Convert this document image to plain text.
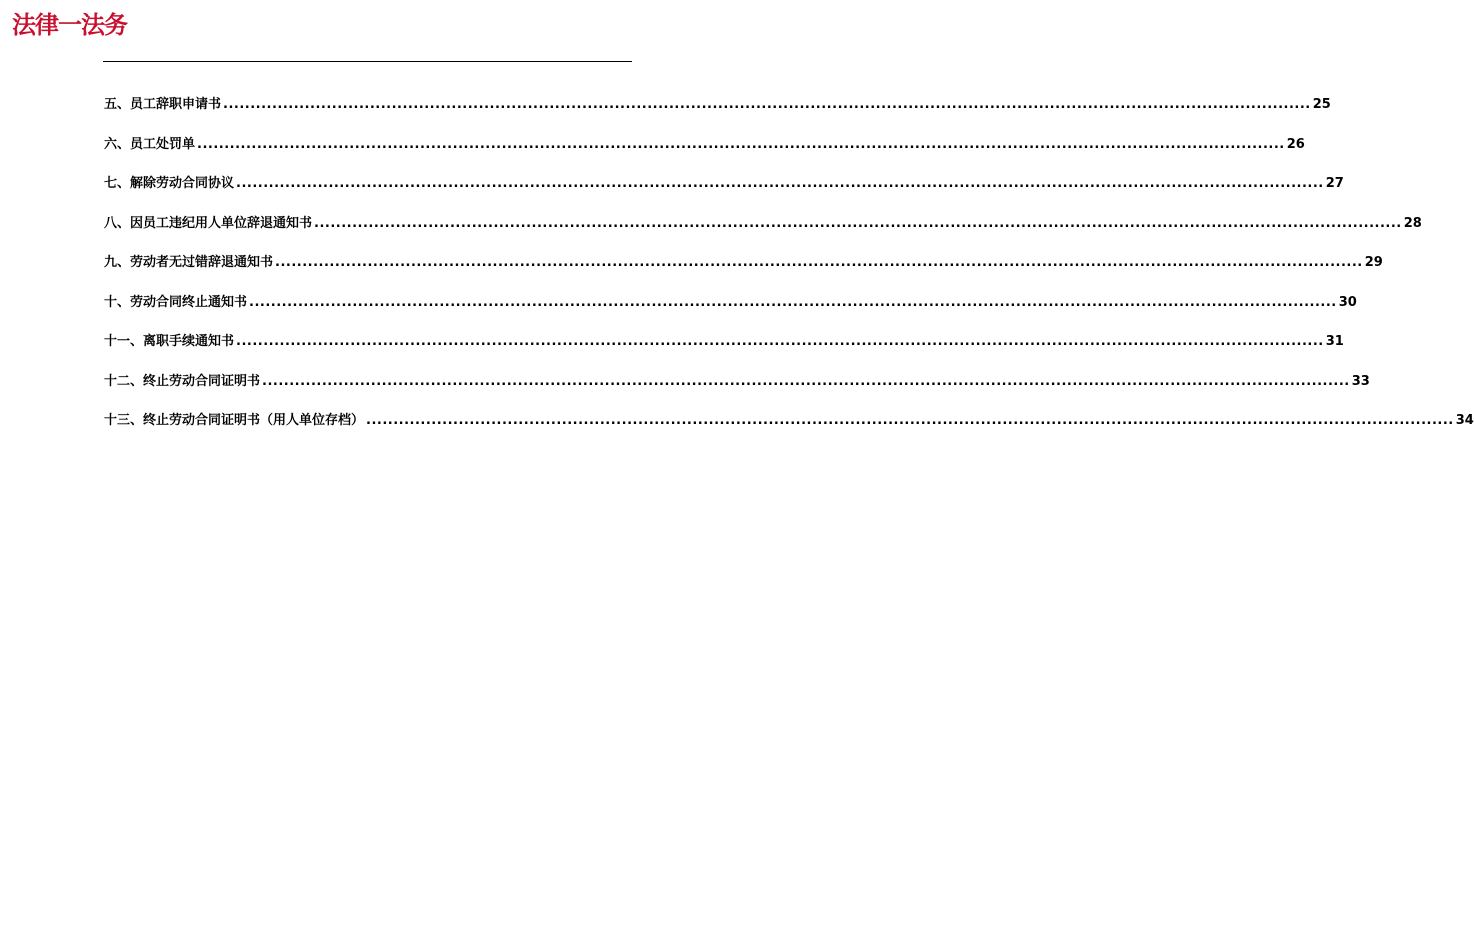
法律一法务
五、员工辞职申请书 ........................................................................................................................................................................................................ 25
六、员工处罚单 ........................................................................................................................................................................................................ 26
七、解除劳动合同协议 ........................................................................................................................................................................................................ 27
八、因员工违纪用人单位辞退通知书 ........................................................................................................................................................................................................ 28
九、劳动者无过错辞退通知书 ........................................................................................................................................................................................................ 29
十、劳动合同终止通知书 ........................................................................................................................................................................................................ 30
十一、离职手续通知书 ........................................................................................................................................................................................................ 31
十二、终止劳动合同证明书 ........................................................................................................................................................................................................ 33
十三、终止劳动合同证明书（用人单位存档） ........................................................................................................................................................................................................ 34
